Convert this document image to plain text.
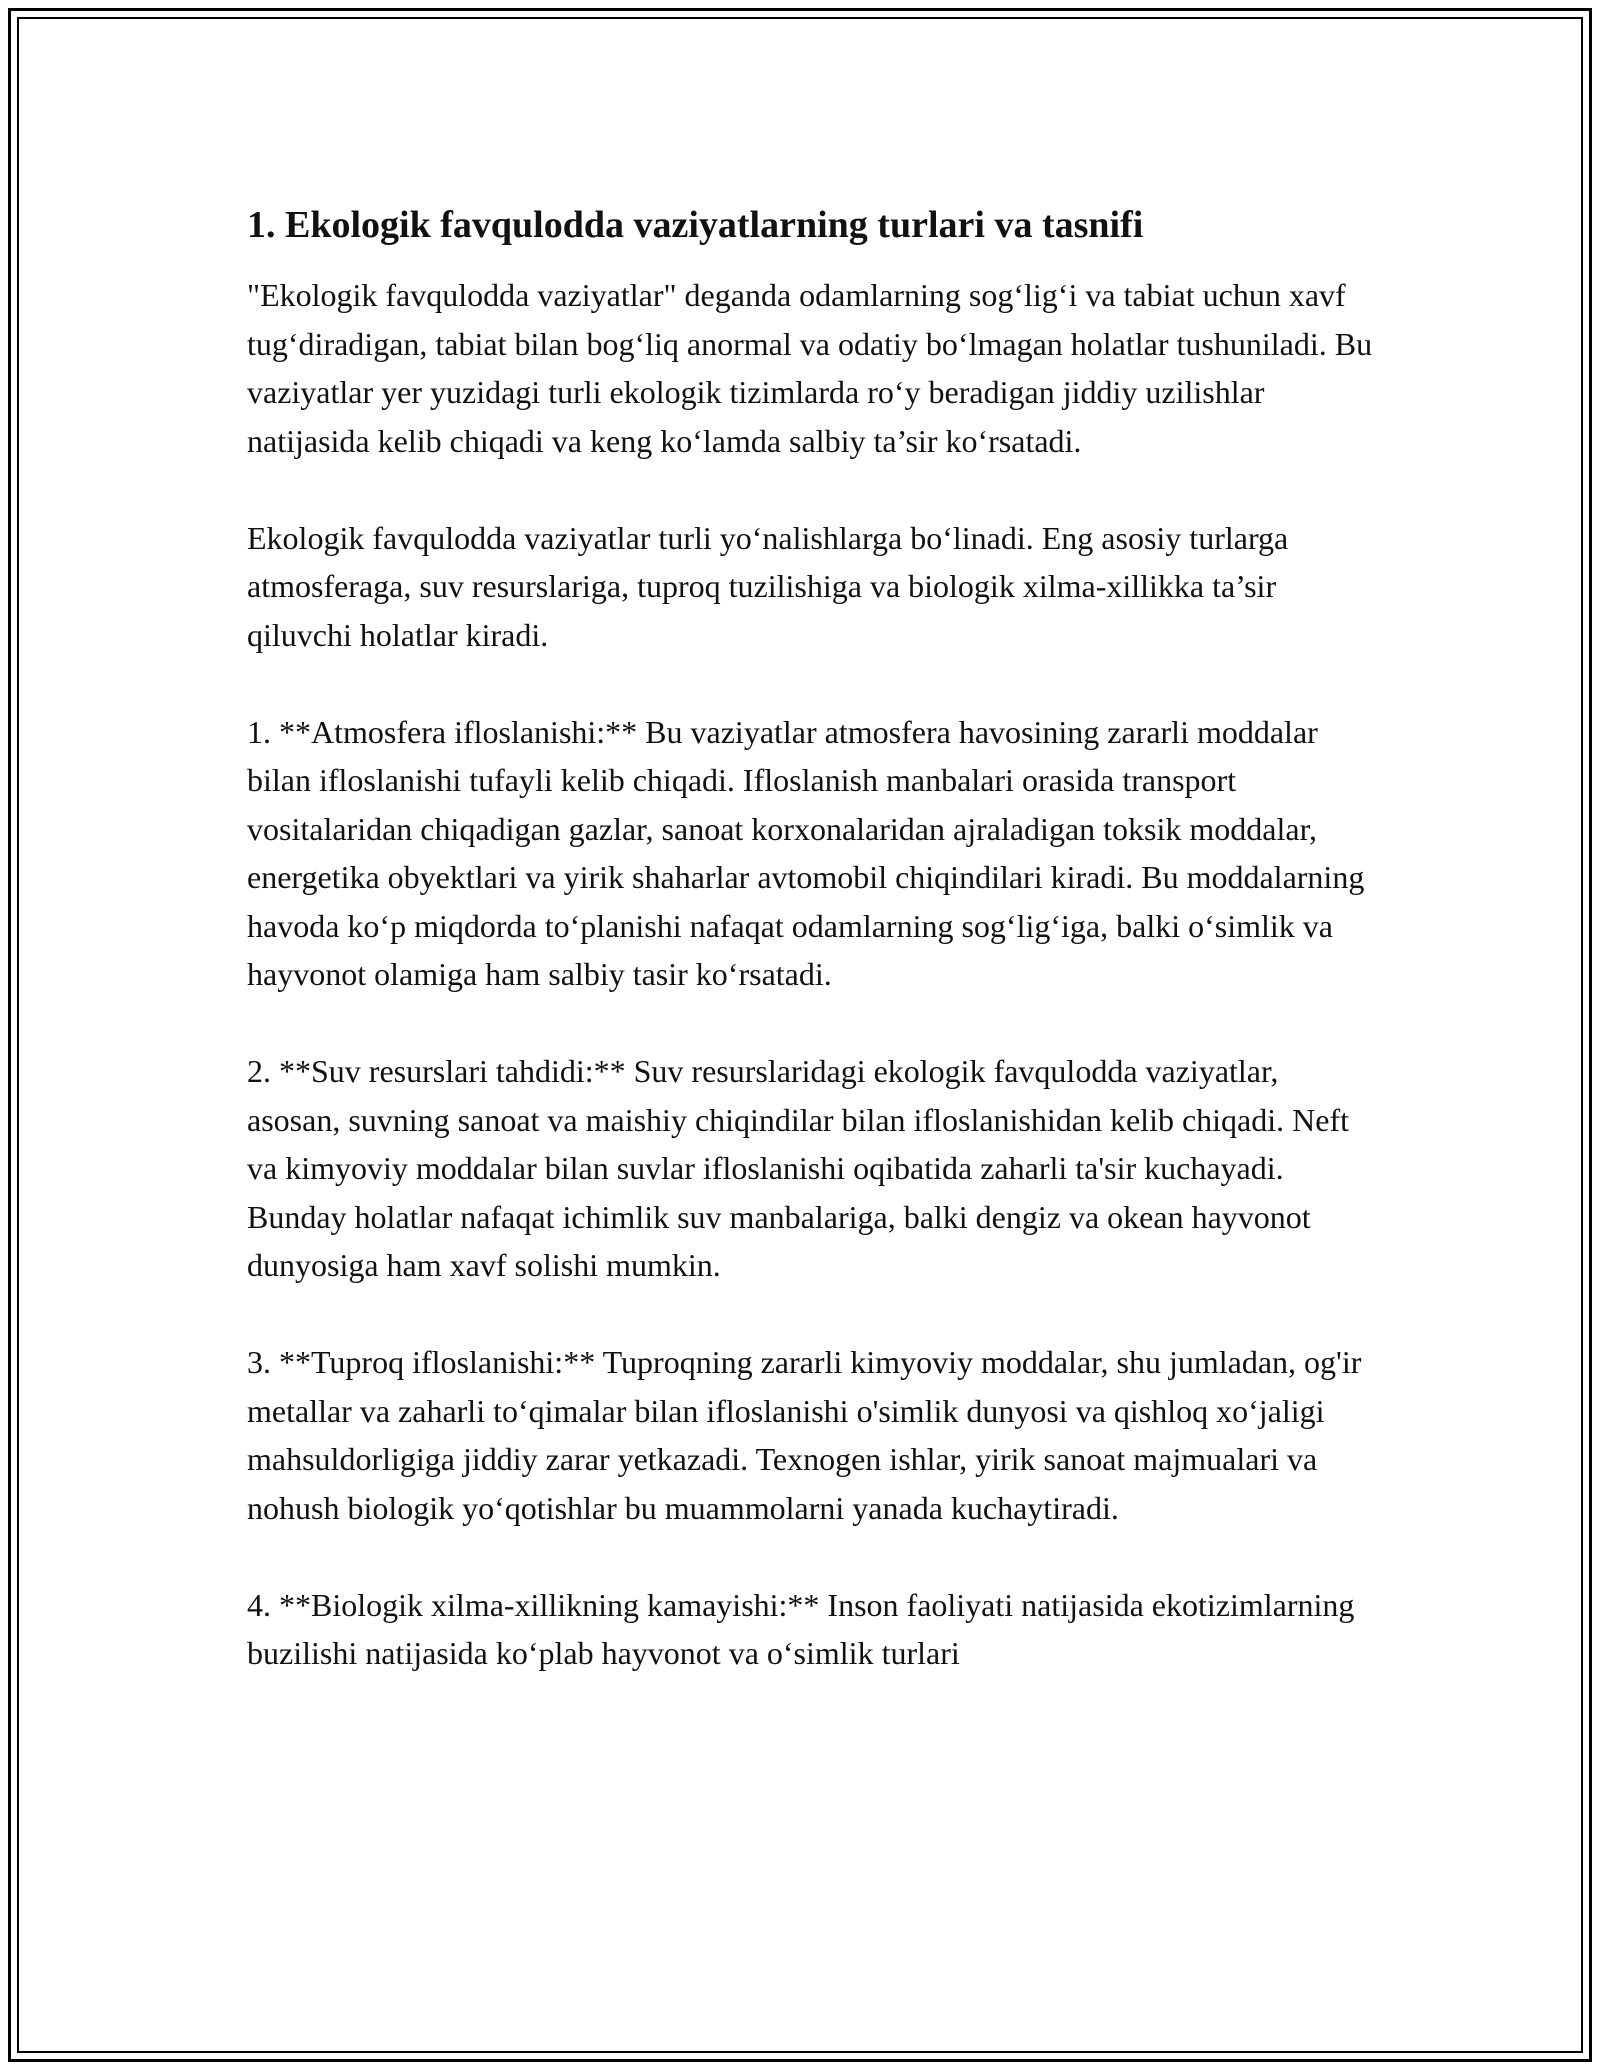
1. Ekologik favqulodda vaziyatlarning turlari va tasnifi

"Ekologik favqulodda vaziyatlar" deganda odamlarning sog‘lig‘i va tabiat uchun xavf tug‘diradigan, tabiat bilan bog‘liq anormal va odatiy bo‘lmagan holatlar tushuniladi. Bu vaziyatlar yer yuzidagi turli ekologik tizimlarda ro‘y beradigan jiddiy uzilishlar natijasida kelib chiqadi va keng ko‘lamda salbiy ta’sir ko‘rsatadi.

Ekologik favqulodda vaziyatlar turli yo‘nalishlarga bo‘linadi. Eng asosiy turlarga atmosferaga, suv resurslariga, tuproq tuzilishiga va biologik xilma-xillikka ta’sir qiluvchi holatlar kiradi.

1. **Atmosfera ifloslanishi:** Bu vaziyatlar atmosfera havosining zararli moddalar bilan ifloslanishi tufayli kelib chiqadi. Ifloslanish manbalari orasida transport vositalaridan chiqadigan gazlar, sanoat korxonalaridan ajraladigan toksik moddalar, energetika obyektlari va yirik shaharlar avtomobil chiqindilari kiradi. Bu moddalarning havoda ko‘p miqdorda to‘planishi nafaqat odamlarning sog‘lig‘iga, balki o‘simlik va hayvonot olamiga ham salbiy tasir ko‘rsatadi.

2. **Suv resurslari tahdidi:** Suv resurslaridagi ekologik favqulodda vaziyatlar, asosan, suvning sanoat va maishiy chiqindilar bilan ifloslanishidan kelib chiqadi. Neft va kimyoviy moddalar bilan suvlar ifloslanishi oqibatida zaharli ta'sir kuchayadi. Bunday holatlar nafaqat ichimlik suv manbalariga, balki dengiz va okean hayvonot dunyosiga ham xavf solishi mumkin.

3. **Tuproq ifloslanishi:** Tuproqning zararli kimyoviy moddalar, shu jumladan, og'ir metallar va zaharli to‘qimalar bilan ifloslanishi o'simlik dunyosi va qishloq xo‘jaligi mahsuldorligiga jiddiy zarar yetkazadi. Texnogen ishlar, yirik sanoat majmualari va nohush biologik yo‘qotishlar bu muammolarni yanada kuchaytiradi.

4. **Biologik xilma-xillikning kamayishi:** Inson faoliyati natijasida ekotizimlarning buzilishi natijasida ko‘plab hayvonot va o‘simlik turlari
